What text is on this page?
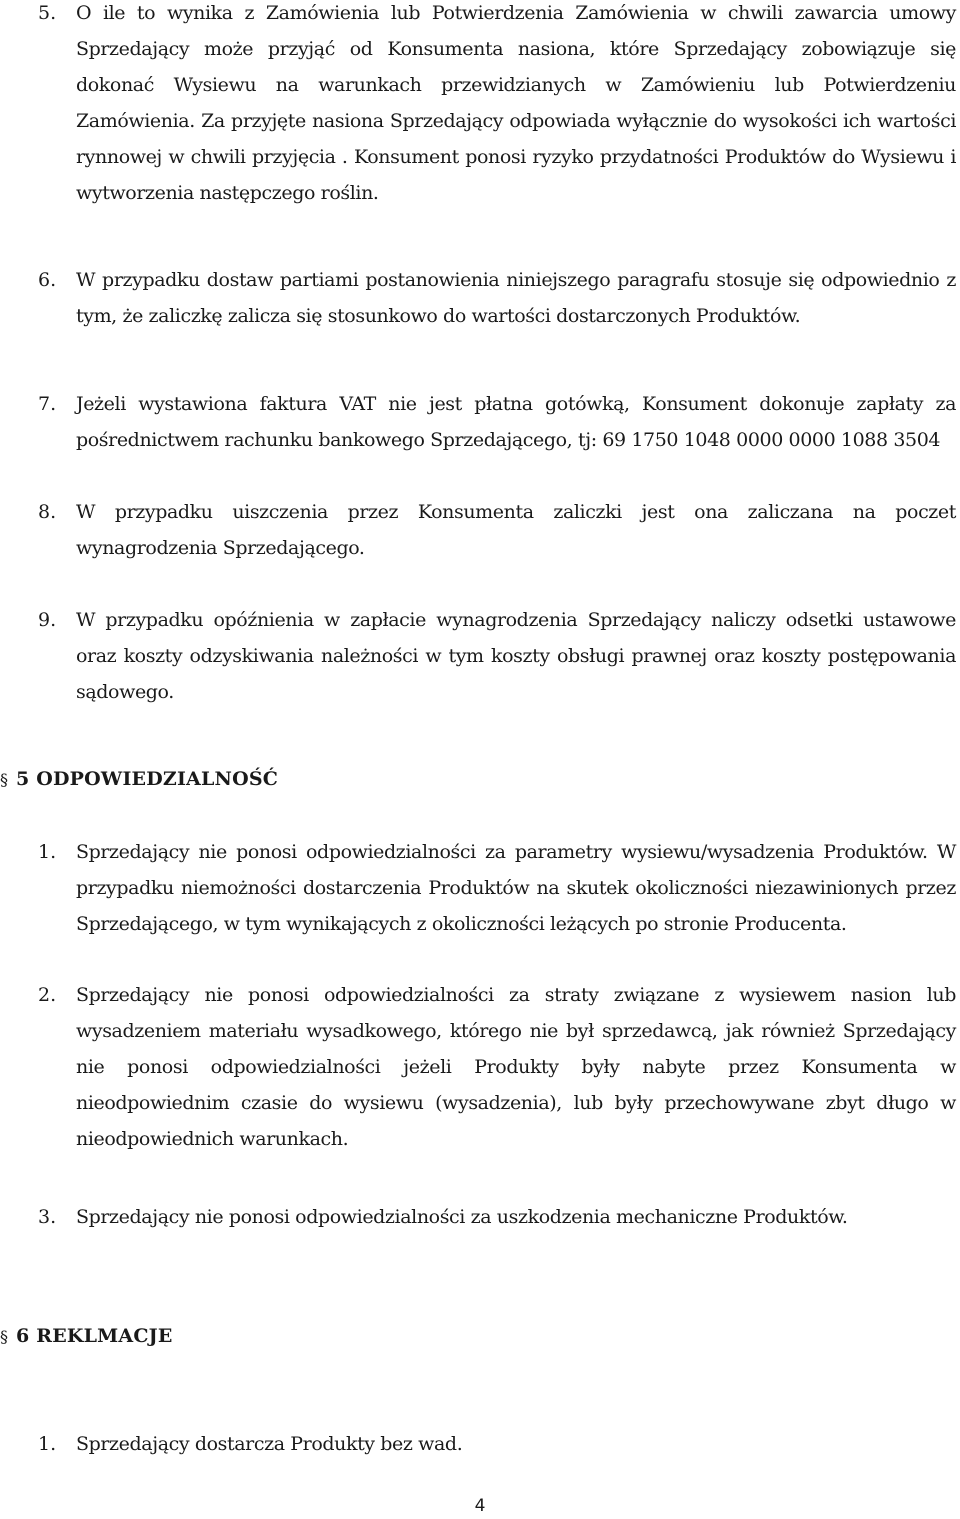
5.	O ile to wynika z Zamówienia lub Potwierdzenia Zamówienia w chwili zawarcia umowy Sprzedający może przyjąć od Konsumenta nasiona, które Sprzedający zobowiązuje się dokonać Wysiewu na warunkach przewidzianych w Zamówieniu lub Potwierdzeniu Zamówienia. Za przyjęte nasiona Sprzedający odpowiada wyłącznie do wysokości ich wartości rynnowej w chwili przyjęcia . Konsument ponosi ryzyko przydatności Produktów do Wysiewu i wytworzenia następczego roślin.
6.	W przypadku dostaw partiami postanowienia niniejszego paragrafu stosuje się odpowiednio z tym, że zaliczkę zalicza się stosunkowo do wartości dostarczonych Produktów.
7.	Jeżeli wystawiona faktura VAT nie jest płatna gotówką, Konsument dokonuje zapłaty za pośrednictwem rachunku bankowego Sprzedającego, tj: 69 1750 1048 0000 0000 1088 3504
8.	W przypadku uiszczenia przez Konsumenta zaliczki jest ona zaliczana na poczet wynagrodzenia Sprzedającego.
9.	W przypadku opóźnienia w zapłacie wynagrodzenia Sprzedający naliczy odsetki ustawowe oraz koszty odzyskiwania należności w tym koszty obsługi prawnej oraz koszty postępowania sądowego.
§ 5 ODPOWIEDZIALNOŚĆ
1.	Sprzedający nie ponosi odpowiedzialności za parametry wysiewu/wysadzenia Produktów. W przypadku niemożności dostarczenia Produktów na skutek okoliczności niezawinionych przez Sprzedającego, w tym wynikających z okoliczności leżących po stronie Producenta.
2.	Sprzedający nie ponosi odpowiedzialności za straty związane z wysiewem nasion lub wysadzeniem materiału wysadkowego, którego nie był sprzedawcą, jak również Sprzedający nie ponosi odpowiedzialności jeżeli Produkty były nabyte przez Konsumenta w nieodpowiednim czasie do wysiewu (wysadzenia), lub były przechowywane zbyt długo w nieodpowiednich warunkach.
3.	Sprzedający nie ponosi odpowiedzialności za uszkodzenia mechaniczne Produktów.
§ 6 REKLMACJE
1.	Sprzedający dostarcza Produkty bez wad.
4
